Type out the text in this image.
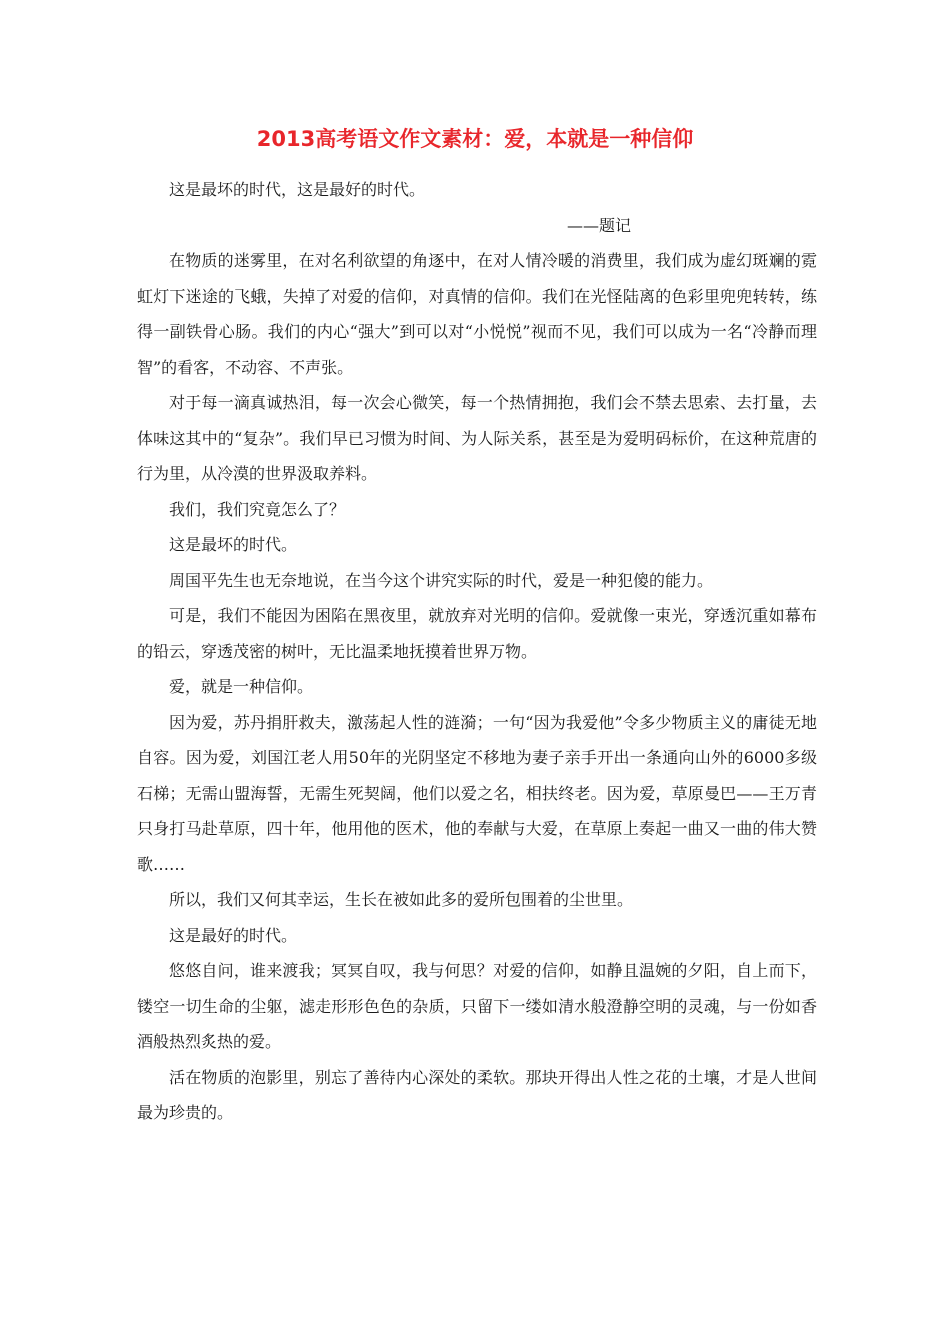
2013高考语文作文素材：爱，本就是一种信仰

这是最坏的时代，这是最好的时代。

——题记

在物质的迷雾里，在对名利欲望的角逐中，在对人情冷暖的消费里，我们成为虚幻斑斓的霓虹灯下迷途的飞蛾，失掉了对爱的信仰，对真情的信仰。我们在光怪陆离的色彩里兜兜转转，练得一副铁骨心肠。我们的内心“强大”到可以对“小悦悦”视而不见，我们可以成为一名“冷静而理智”的看客，不动容、不声张。

对于每一滴真诚热泪，每一次会心微笑，每一个热情拥抱，我们会不禁去思索、去打量，去体味这其中的“复杂”。我们早已习惯为时间、为人际关系，甚至是为爱明码标价，在这种荒唐的行为里，从冷漠的世界汲取养料。

我们，我们究竟怎么了？

这是最坏的时代。

周国平先生也无奈地说，在当今这个讲究实际的时代，爱是一种犯傻的能力。

可是，我们不能因为困陷在黑夜里，就放弃对光明的信仰。爱就像一束光，穿透沉重如幕布的铅云，穿透茂密的树叶，无比温柔地抚摸着世界万物。

爱，就是一种信仰。

因为爱，苏丹捐肝救夫，激荡起人性的涟漪；一句“因为我爱他”令多少物质主义的庸徒无地自容。因为爱，刘国江老人用50年的光阴坚定不移地为妻子亲手开出一条通向山外的6000多级石梯；无需山盟海誓，无需生死契阔，他们以爱之名，相扶终老。因为爱，草原曼巴——王万青只身打马赴草原，四十年，他用他的医术，他的奉献与大爱，在草原上奏起一曲又一曲的伟大赞歌……

所以，我们又何其幸运，生长在被如此多的爱所包围着的尘世里。

这是最好的时代。

悠悠自问，谁来渡我；冥冥自叹，我与何思？对爱的信仰，如静且温婉的夕阳，自上而下，镂空一切生命的尘躯，滤走形形色色的杂质，只留下一缕如清水般澄静空明的灵魂，与一份如香酒般热烈炙热的爱。

活在物质的泡影里，别忘了善待内心深处的柔软。那块开得出人性之花的土壤，才是人世间最为珍贵的。
